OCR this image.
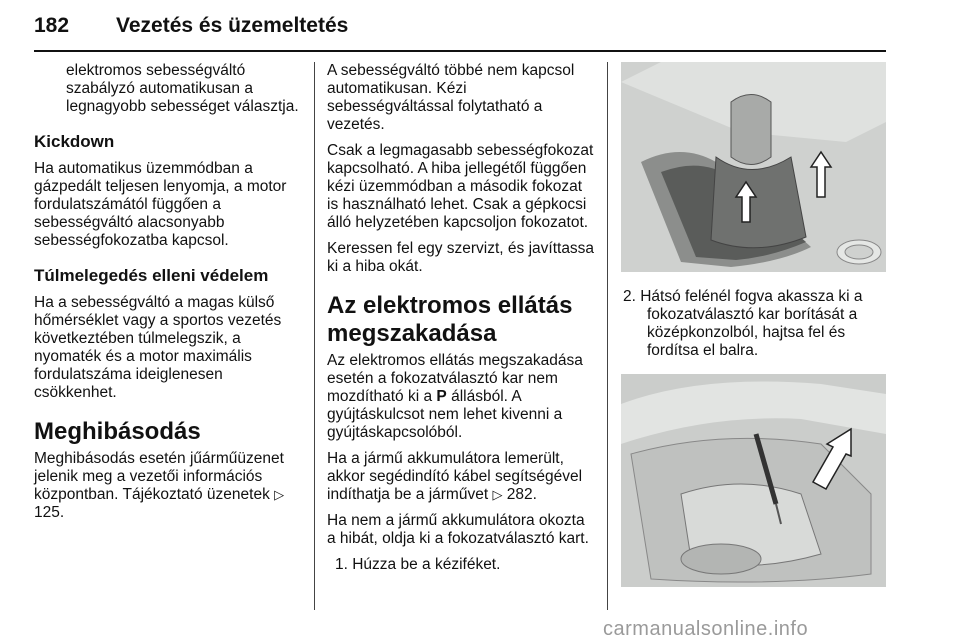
182 Vezetés és üzemeltetés

elektromos sebességváltó szabályzó automatikusan a legnagyobb sebességet választja.

Kickdown

Ha automatikus üzemmódban a gázpedált teljesen lenyomja, a motor fordulatszámától függően a sebességváltó alacsonyabb sebességfokozatba kapcsol.

Túlmelegedés elleni védelem

Ha a sebességváltó a magas külső hőmérséklet vagy a sportos vezetés következtében túlmelegszik, a nyomaték és a motor maximális fordulatszáma ideiglenesen csökkenhet.

Meghibásodás

Meghibásodás esetén jűárműüzenet jelenik meg a vezetői információs központban. Tájékoztató üzenetek ▷ 125.

A sebességváltó többé nem kapcsol automatikusan. Kézi sebességváltással folytatható a vezetés.

Csak a legmagasabb sebességfokozat kapcsolható. A hiba jellegétől függően kézi üzemmódban a második fokozat is használható lehet. Csak a gépkocsi álló helyzetében kapcsoljon fokozatot.

Keressen fel egy szervizt, és javíttassa ki a hiba okát.

Az elektromos ellátás megszakadása

Az elektromos ellátás megszakadása esetén a fokozatválasztó kar nem mozdítható ki a P állásból. A gyújtáskulcsot nem lehet kivenni a gyújtáskapcsolóból.

Ha a jármű akkumulátora lemerült, akkor segédindító kábel segítségével indíthatja be a járművet ▷ 282.

Ha nem a jármű akkumulátora okozta a hibát, oldja ki a fokozatválasztó kart.

1. Húzza be a kéziféket.

2. Hátsó felénél fogva akassza ki a fokozatválasztó kar borítását a középkonzolból, hajtsa fel és fordítsa el balra.

carmanualsonline.info
